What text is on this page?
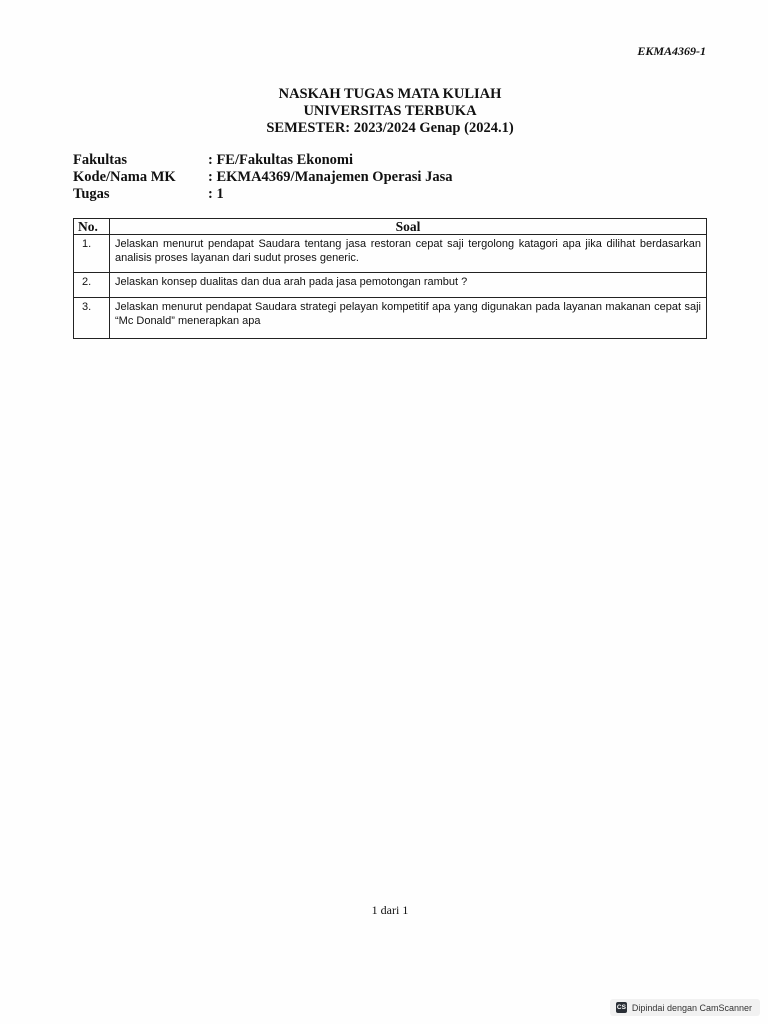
EKMA4369-1
NASKAH TUGAS MATA KULIAH
UNIVERSITAS TERBUKA
SEMESTER: 2023/2024 Genap (2024.1)
Fakultas	: FE/Fakultas Ekonomi
Kode/Nama MK	: EKMA4369/Manajemen Operasi Jasa
Tugas	: 1
No.	Soal
1.	Jelaskan menurut pendapat Saudara tentang jasa restoran cepat saji tergolong katagori apa jika dilihat berdasarkan analisis proses layanan dari sudut proses generic.
2.	Jelaskan konsep dualitas dan dua arah pada jasa pemotongan rambut ?
3.	Jelaskan menurut pendapat Saudara strategi pelayan kompetitif apa yang digunakan pada layanan makanan cepat saji “Mc Donald” menerapkan apa
1 dari 1
CS Dipindai dengan CamScanner
